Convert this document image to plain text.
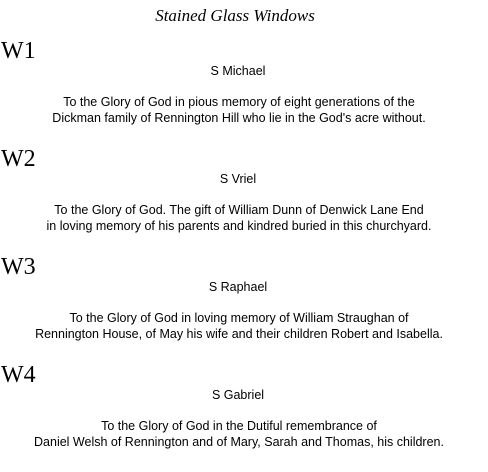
Stained Glass Windows
W1
S Michael
To the Glory of God in pious memory of eight generations of the
Dickman family of Rennington Hill who lie in the God's acre without.
W2
S Vriel
To the Glory of God. The gift of William Dunn of Denwick Lane End
in loving memory of his parents and kindred buried in this churchyard.
W3
S Raphael
To the Glory of God in loving memory of William Straughan of
Rennington House, of May his wife and their children Robert and Isabella.
W4
S Gabriel
To the Glory of God in the Dutiful remembrance of
Daniel Welsh of Rennington and of Mary, Sarah and Thomas, his children.
